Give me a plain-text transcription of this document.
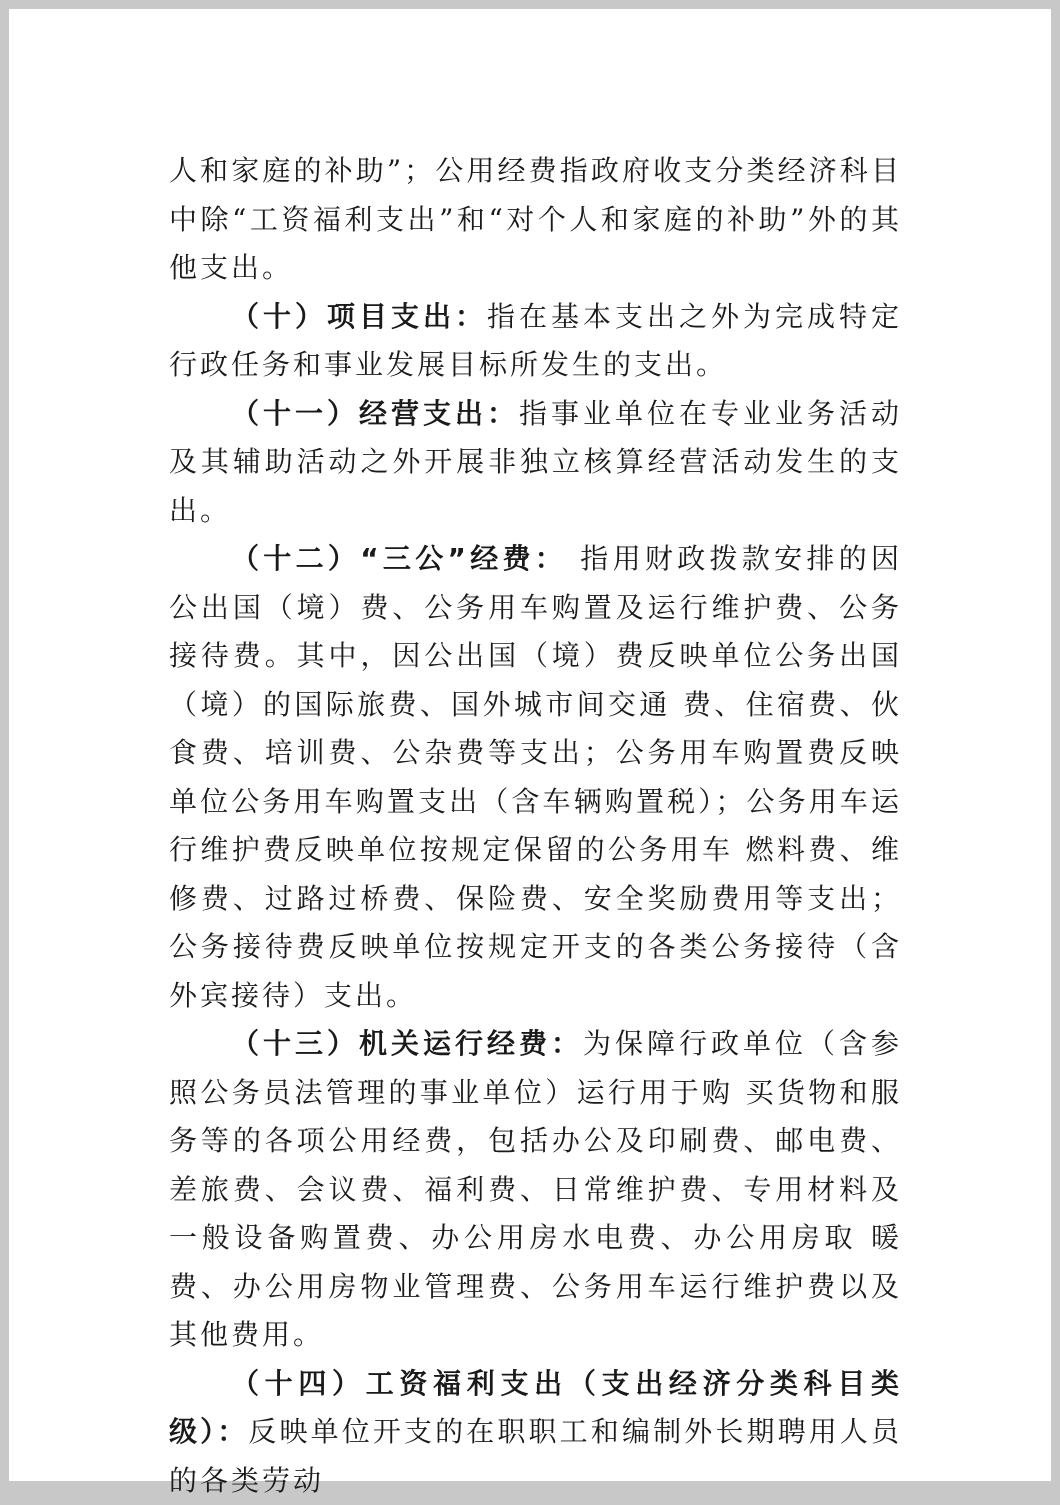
人和家庭的补助”；公用经费指政府收支分类经济科目中除“工资福利支出”和“对个人和家庭的补助”外的其他支出。

（十）项目支出：指在基本支出之外为完成特定行政任务和事业发展目标所发生的支出。

（十一）经营支出：指事业单位在专业业务活动及其辅助活动之外开展非独立核算经营活动发生的支出。

（十二）“三公”经费： 指用财政拨款安排的因公出国（境）费、公务用车购置及运行维护费、公务接待费。其中，因公出国（境）费反映单位公务出国（境）的国际旅费、国外城市间交通 费、住宿费、伙食费、培训费、公杂费等支出；公务用车购置费反映单位公务用车购置支出（含车辆购置税）；公务用车运行维护费反映单位按规定保留的公务用车 燃料费、维修费、过路过桥费、保险费、安全奖励费用等支出；公务接待费反映单位按规定开支的各类公务接待（含外宾接待）支出。

（十三）机关运行经费：为保障行政单位（含参照公务员法管理的事业单位）运行用于购 买货物和服务等的各项公用经费，包括办公及印刷费、邮电费、差旅费、会议费、福利费、日常维护费、专用材料及一般设备购置费、办公用房水电费、办公用房取 暖费、办公用房物业管理费、公务用车运行维护费以及其他费用。

（十四）工资福利支出（支出经济分类科目类级）：反映单位开支的在职职工和编制外长期聘用人员的各类劳动
